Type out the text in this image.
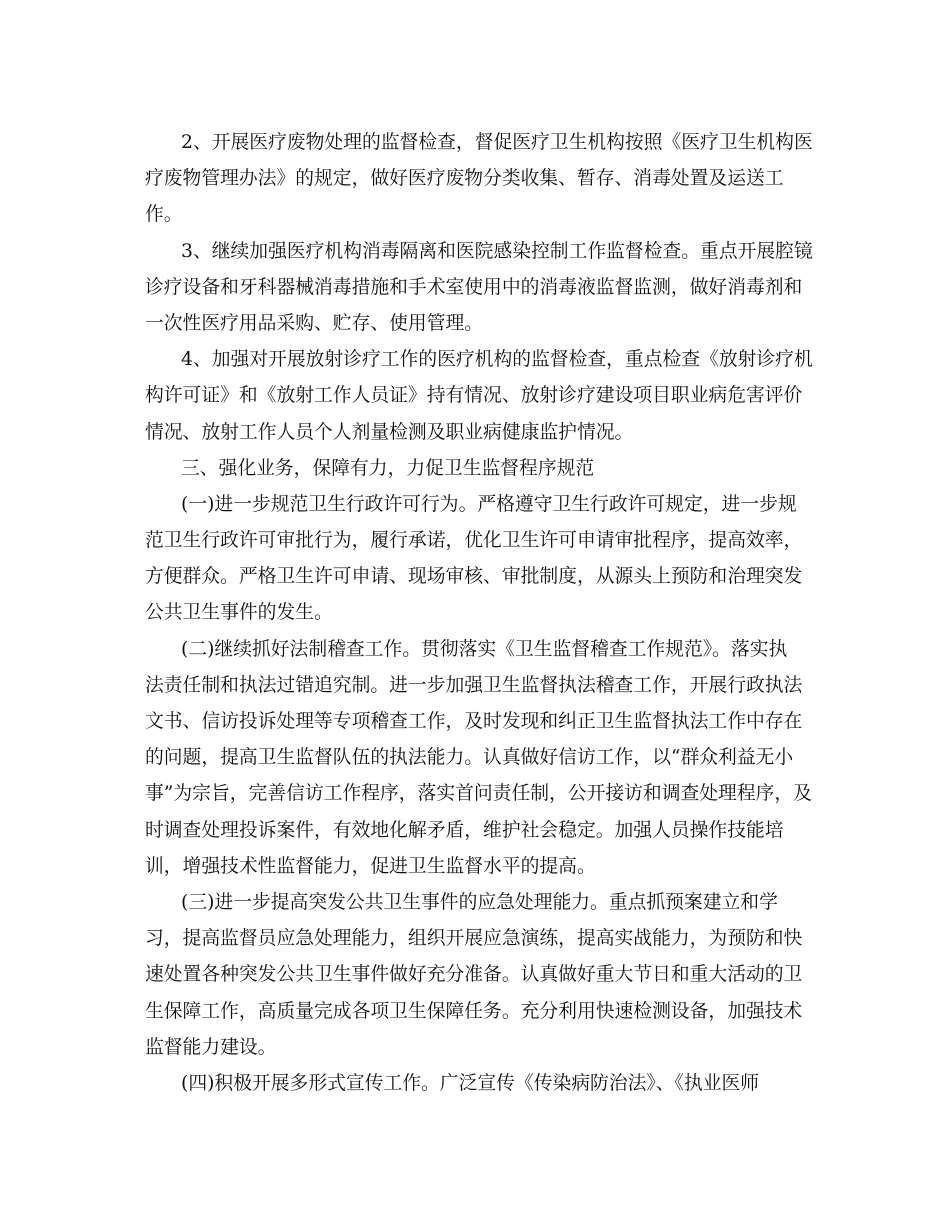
2、开展医疗废物处理的监督检查，督促医疗卫生机构按照《医疗卫生机构医
疗废物管理办法》的规定，做好医疗废物分类收集、暂存、消毒处置及运送工
作。
3、继续加强医疗机构消毒隔离和医院感染控制工作监督检查。重点开展腔镜
诊疗设备和牙科器械消毒措施和手术室使用中的消毒液监督监测，做好消毒剂和
一次性医疗用品采购、贮存、使用管理。
4、加强对开展放射诊疗工作的医疗机构的监督检查，重点检查《放射诊疗机
构许可证》和《放射工作人员证》持有情况、放射诊疗建设项目职业病危害评价
情况、放射工作人员个人剂量检测及职业病健康监护情况。
三、强化业务，保障有力，力促卫生监督程序规范
(一)进一步规范卫生行政许可行为。严格遵守卫生行政许可规定，进一步规
范卫生行政许可审批行为，履行承诺，优化卫生许可申请审批程序，提高效率，
方便群众。严格卫生许可申请、现场审核、审批制度，从源头上预防和治理突发
公共卫生事件的发生。
(二)继续抓好法制稽查工作。贯彻落实《卫生监督稽查工作规范》。落实执
法责任制和执法过错追究制。进一步加强卫生监督执法稽查工作，开展行政执法
文书、信访投诉处理等专项稽查工作，及时发现和纠正卫生监督执法工作中存在
的问题，提高卫生监督队伍的执法能力。认真做好信访工作，以“群众利益无小
事”为宗旨，完善信访工作程序，落实首问责任制，公开接访和调查处理程序，及
时调查处理投诉案件，有效地化解矛盾，维护社会稳定。加强人员操作技能培
训，增强技术性监督能力，促进卫生监督水平的提高。
(三)进一步提高突发公共卫生事件的应急处理能力。重点抓预案建立和学
习，提高监督员应急处理能力，组织开展应急演练，提高实战能力，为预防和快
速处置各种突发公共卫生事件做好充分准备。认真做好重大节日和重大活动的卫
生保障工作，高质量完成各项卫生保障任务。充分利用快速检测设备，加强技术
监督能力建设。
(四)积极开展多形式宣传工作。广泛宣传《传染病防治法》、《执业医师
